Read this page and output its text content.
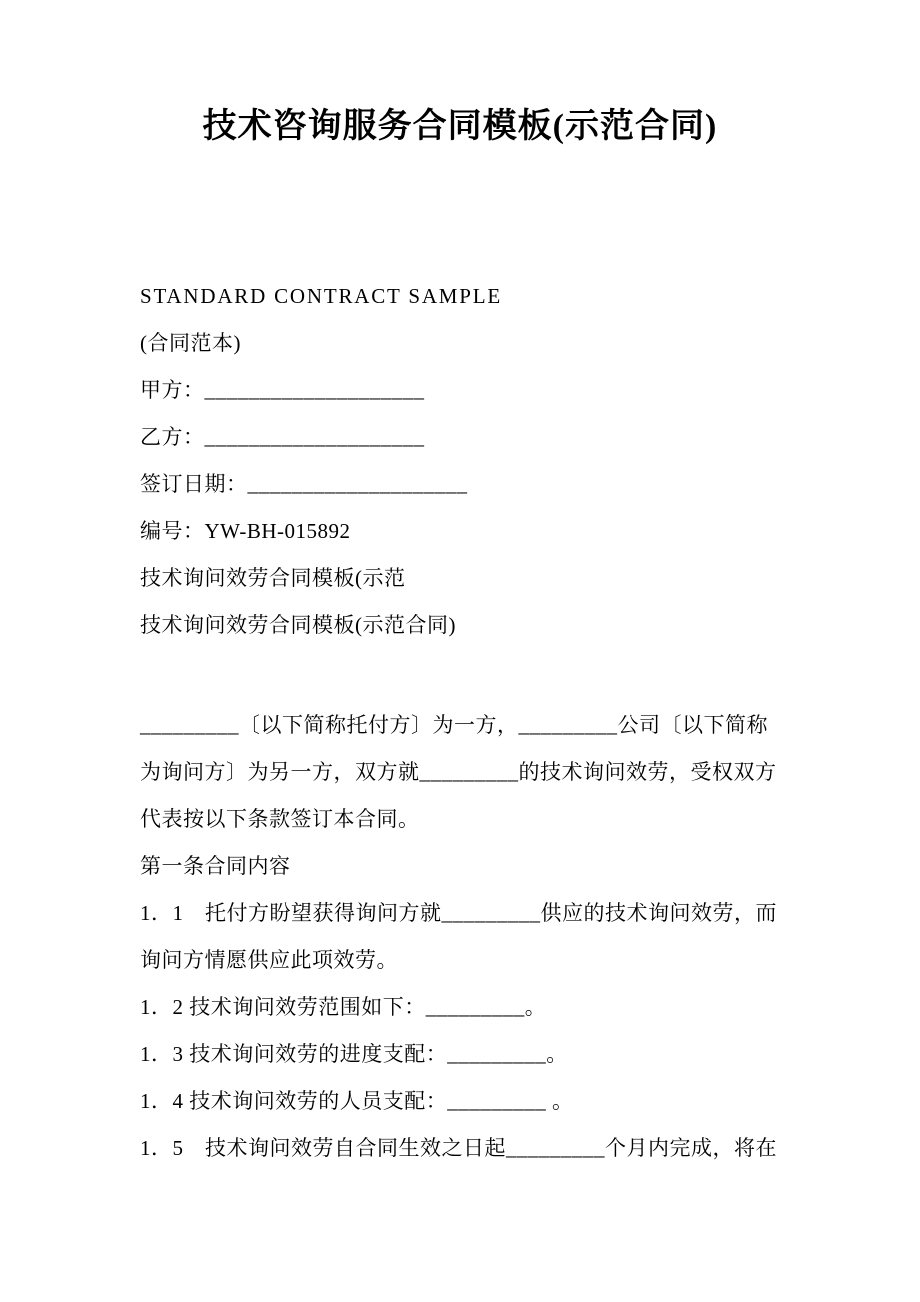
技术咨询服务合同模板(示范合同)

STANDARD CONTRACT SAMPLE

(合同范本)

甲方：____________________

乙方：____________________

签订日期：____________________

编号：YW-BH-015892

技术询问效劳合同模板(示范

技术询问效劳合同模板(示范合同)

_________〔以下简称托付方〕为一方，_________公司〔以下简称

为询问方〕为另一方，双方就_________的技术询问效劳，受权双方

代表按以下条款签订本合同。

第一条合同内容

1．1　托付方盼望获得询问方就_________供应的技术询问效劳，而

询问方情愿供应此项效劳。

1．2 技术询问效劳范围如下：_________。

1．3 技术询问效劳的进度支配：_________。

1．4 技术询问效劳的人员支配：_________ 。

1．5　技术询问效劳自合同生效之日起_________个月内完成，将在
